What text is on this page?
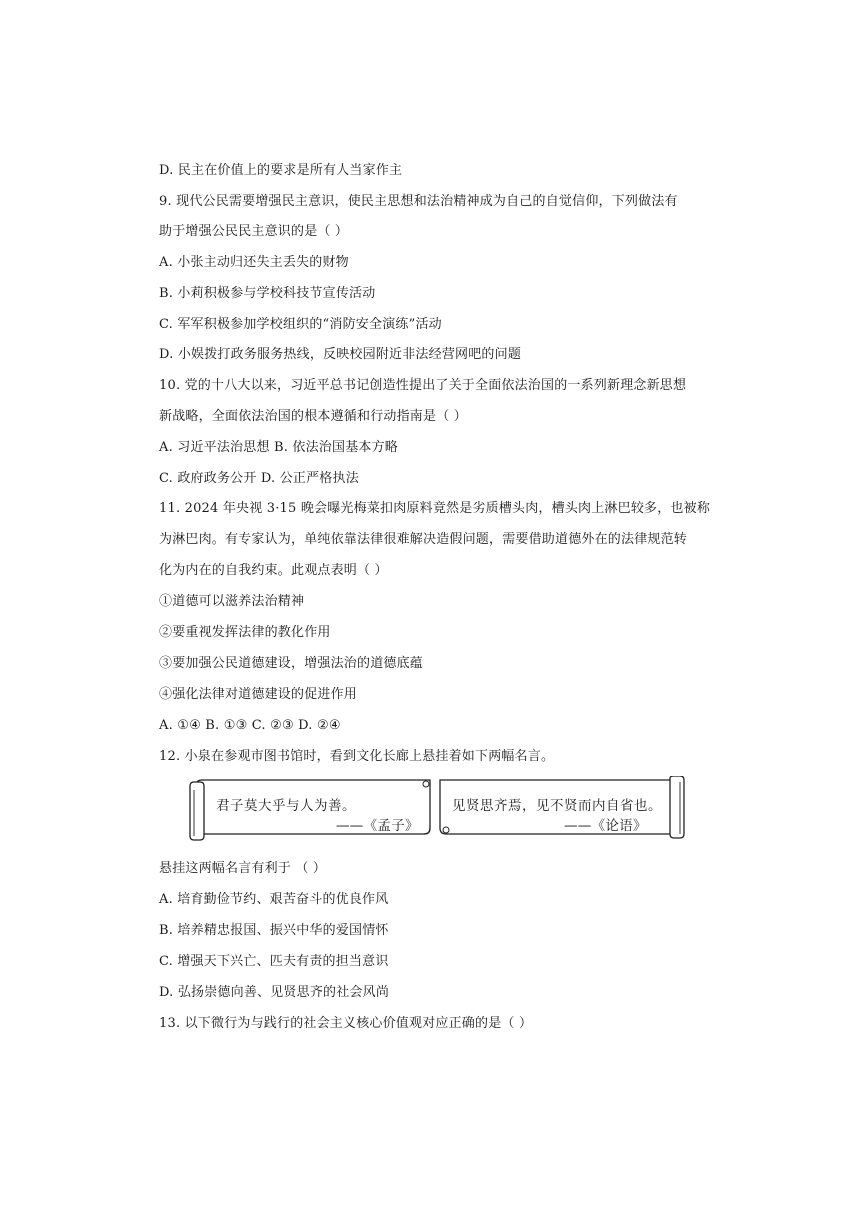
D. 民主在价值上的要求是所有人当家作主
9. 现代公民需要增强民主意识，使民主思想和法治精神成为自己的自觉信仰，下列做法有
助于增强公民民主意识的是（ ）
A. 小张主动归还失主丢失的财物
B. 小莉积极参与学校科技节宣传活动
C. 军军积极参加学校组织的“消防安全演练”活动
D. 小娱拨打政务服务热线，反映校园附近非法经营网吧的问题
10. 党的十八大以来，习近平总书记创造性提出了关于全面依法治国的一系列新理念新思想
新战略，全面依法治国的根本遵循和行动指南是（ ）
A. 习近平法治思想 B. 依法治国基本方略
C. 政府政务公开 D. 公正严格执法
11. 2024 年央视 3·15 晚会曝光梅菜扣肉原料竟然是劣质槽头肉，槽头肉上淋巴较多，也被称
为淋巴肉。有专家认为，单纯依靠法律很难解决造假问题，需要借助道德外在的法律规范转
化为内在的自我约束。此观点表明（ ）
①道德可以滋养法治精神
②要重视发挥法律的教化作用
③要加强公民道德建设，增强法治的道德底蕴
④强化法律对道德建设的促进作用
A. ①④ B. ①③ C. ②③ D. ②④
12. 小泉在参观市图书馆时，看到文化长廊上悬挂着如下两幅名言。
君子莫大乎与人为善。
——《孟子》
见贤思齐焉，见不贤而内自省也。
——《论语》
悬挂这两幅名言有利于 （ ）
A. 培育勤俭节约、艰苦奋斗的优良作风
B. 培养精忠报国、振兴中华的爱国情怀
C. 增强天下兴亡、匹夫有责的担当意识
D. 弘扬崇德向善、见贤思齐的社会风尚
13. 以下微行为与践行的社会主义核心价值观对应正确的是（ ）
